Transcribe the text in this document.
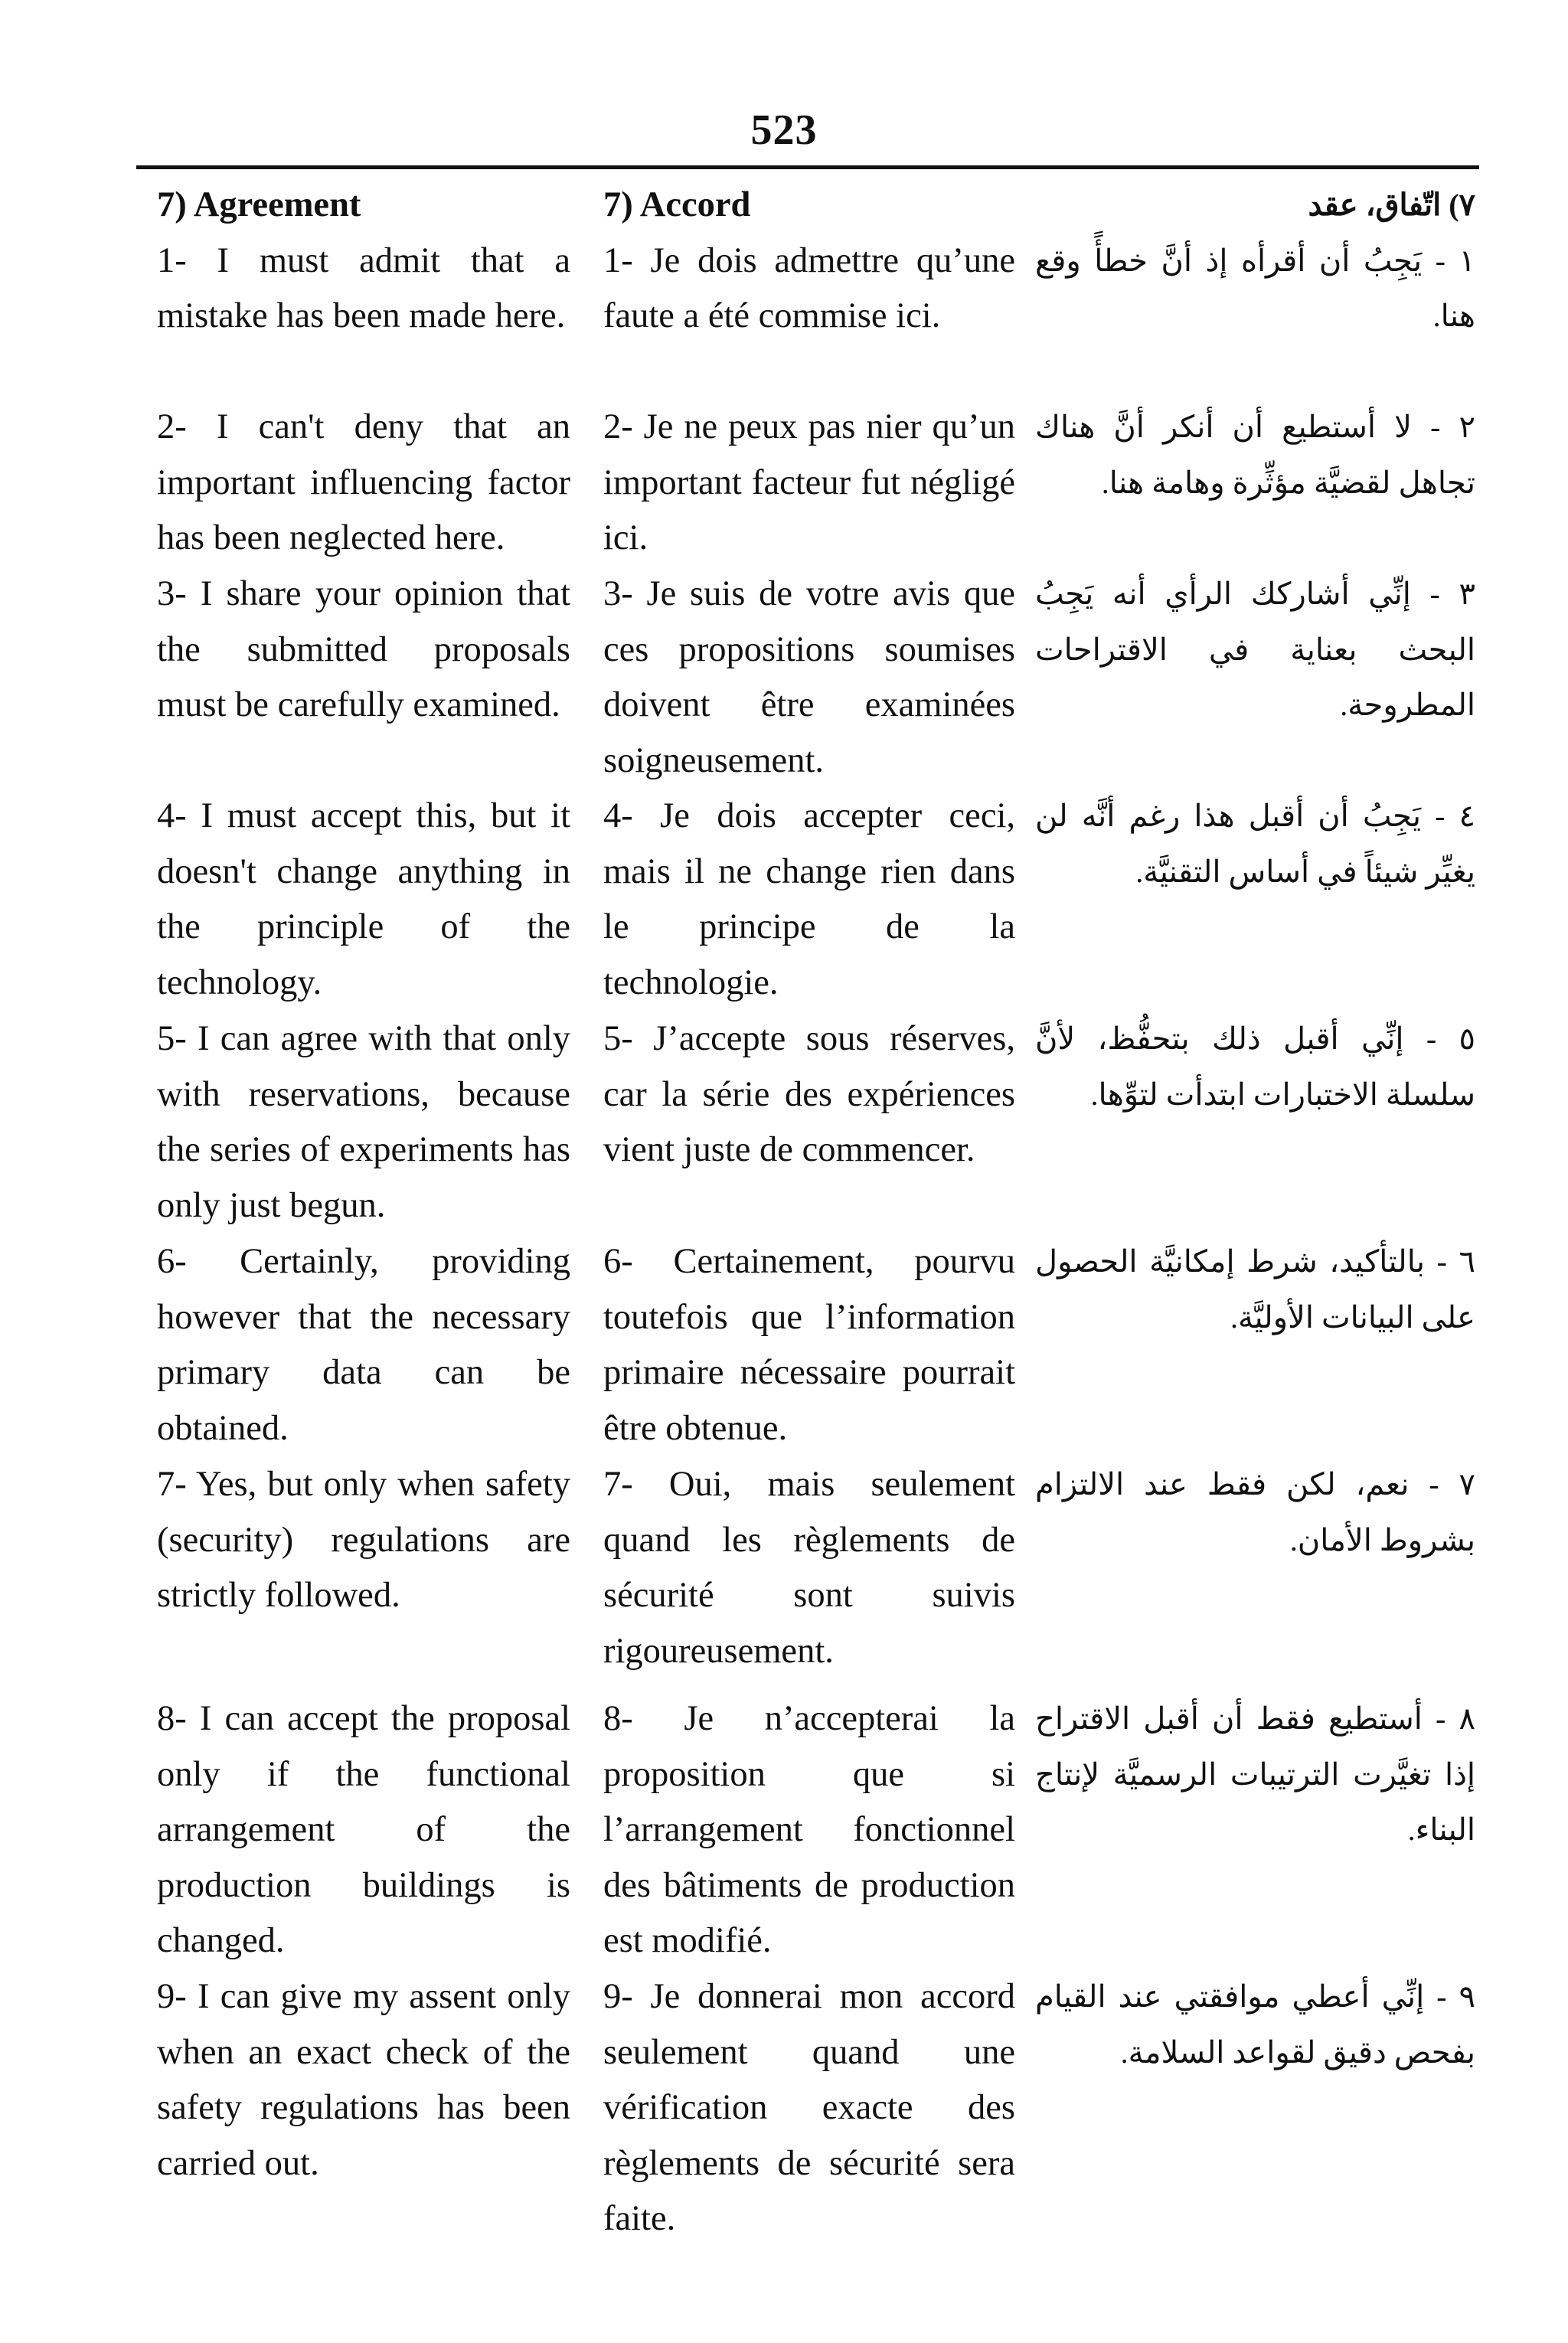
523
7) Agreement
1- I must admit that a mistake has been made here.
2- I can't deny that an important influencing factor has been neglected here.
3- I share your opinion that the submitted proposals must be carefully examined.
4- I must accept this, but it doesn't change anything in the principle of the technology.
5- I can agree with that only with reservations, because the series of experiments has only just begun.
6- Certainly, providing however that the necessary primary data can be obtained.
7- Yes, but only when safety (security) regulations are strictly followed.
8- I can accept the proposal only if the functional arrangement of the production buildings is changed.
9- I can give my assent only when an exact check of the safety regulations has been carried out.
7) Accord
1- Je dois admettre qu’une faute a été commise ici.
2- Je ne peux pas nier qu’un important facteur fut négligé ici.
3- Je suis de votre avis que ces propositions soumises doivent être examinées soigneusement.
4- Je dois accepter ceci, mais il ne change rien dans le principe de la technologie.
5- J’accepte sous réserves, car la série des expériences vient juste de commencer.
6- Certainement, pourvu toutefois que l’information primaire nécessaire pourrait être obtenue.
7- Oui, mais seulement quand les règlements de sécurité sont suivis rigoureusement.
8- Je n’accepterai la proposition que si l’arrangement fonctionnel des bâtiments de production est modifié.
9- Je donnerai mon accord seulement quand une vérification exacte des règlements de sécurité sera faite.
٧) اتّفاق، عقد
١ - يَجِبُ أن أقرأه إذ أنَّ خطأً وقع هنا.
٢ - لا أستطيع أن أنكر أنَّ هناك تجاهل لقضيَّة مؤثِّرة وهامة هنا.
٣ - إنِّي أشاركك الرأي أنه يَجِبُ البحث بعناية في الاقتراحات المطروحة.
٤ - يَجِبُ أن أقبل هذا رغم أنَّه لن يغيِّر شيئاً في أساس التقنيَّة.
٥ - إنِّي أقبل ذلك بتحفُّظ، لأنَّ سلسلة الاختبارات ابتدأت لتوِّها.
٦ - بالتأكيد، شرط إمكانيَّة الحصول على البيانات الأوليَّة.
٧ - نعم، لكن فقط عند الالتزام بشروط الأمان.
٨ - أستطيع فقط أن أقبل الاقتراح إذا تغيَّرت الترتيبات الرسميَّة لإنتاج البناء.
٩ - إنِّي أعطي موافقتي عند القيام بفحص دقيق لقواعد السلامة.
